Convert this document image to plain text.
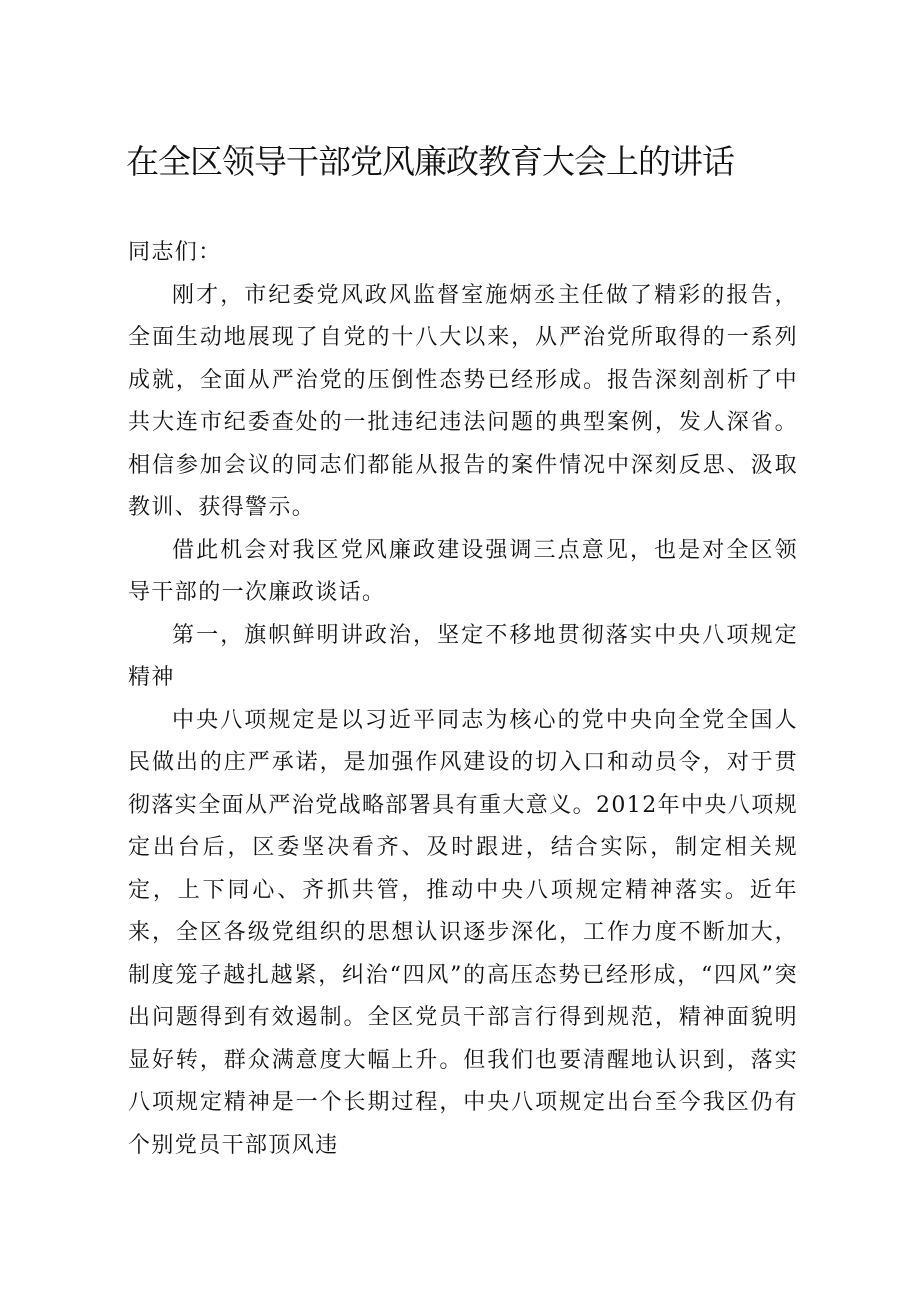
在全区领导干部党风廉政教育大会上的讲话

同志们：

刚才，市纪委党风政风监督室施炳丞主任做了精彩的报告，全面生动地展现了自党的十八大以来，从严治党所取得的一系列成就，全面从严治党的压倒性态势已经形成。报告深刻剖析了中共大连市纪委查处的一批违纪违法问题的典型案例，发人深省。相信参加会议的同志们都能从报告的案件情况中深刻反思、汲取教训、获得警示。

借此机会对我区党风廉政建设强调三点意见，也是对全区领导干部的一次廉政谈话。

第一，旗帜鲜明讲政治，坚定不移地贯彻落实中央八项规定精神

中央八项规定是以习近平同志为核心的党中央向全党全国人民做出的庄严承诺，是加强作风建设的切入口和动员令，对于贯彻落实全面从严治党战略部署具有重大意义。2012年中央八项规定出台后，区委坚决看齐、及时跟进，结合实际，制定相关规定，上下同心、齐抓共管，推动中央八项规定精神落实。近年来，全区各级党组织的思想认识逐步深化，工作力度不断加大，制度笼子越扎越紧，纠治“四风”的高压态势已经形成，“四风”突出问题得到有效遏制。全区党员干部言行得到规范，精神面貌明显好转，群众满意度大幅上升。但我们也要清醒地认识到，落实八项规定精神是一个长期过程，中央八项规定出台至今我区仍有个别党员干部顶风违
